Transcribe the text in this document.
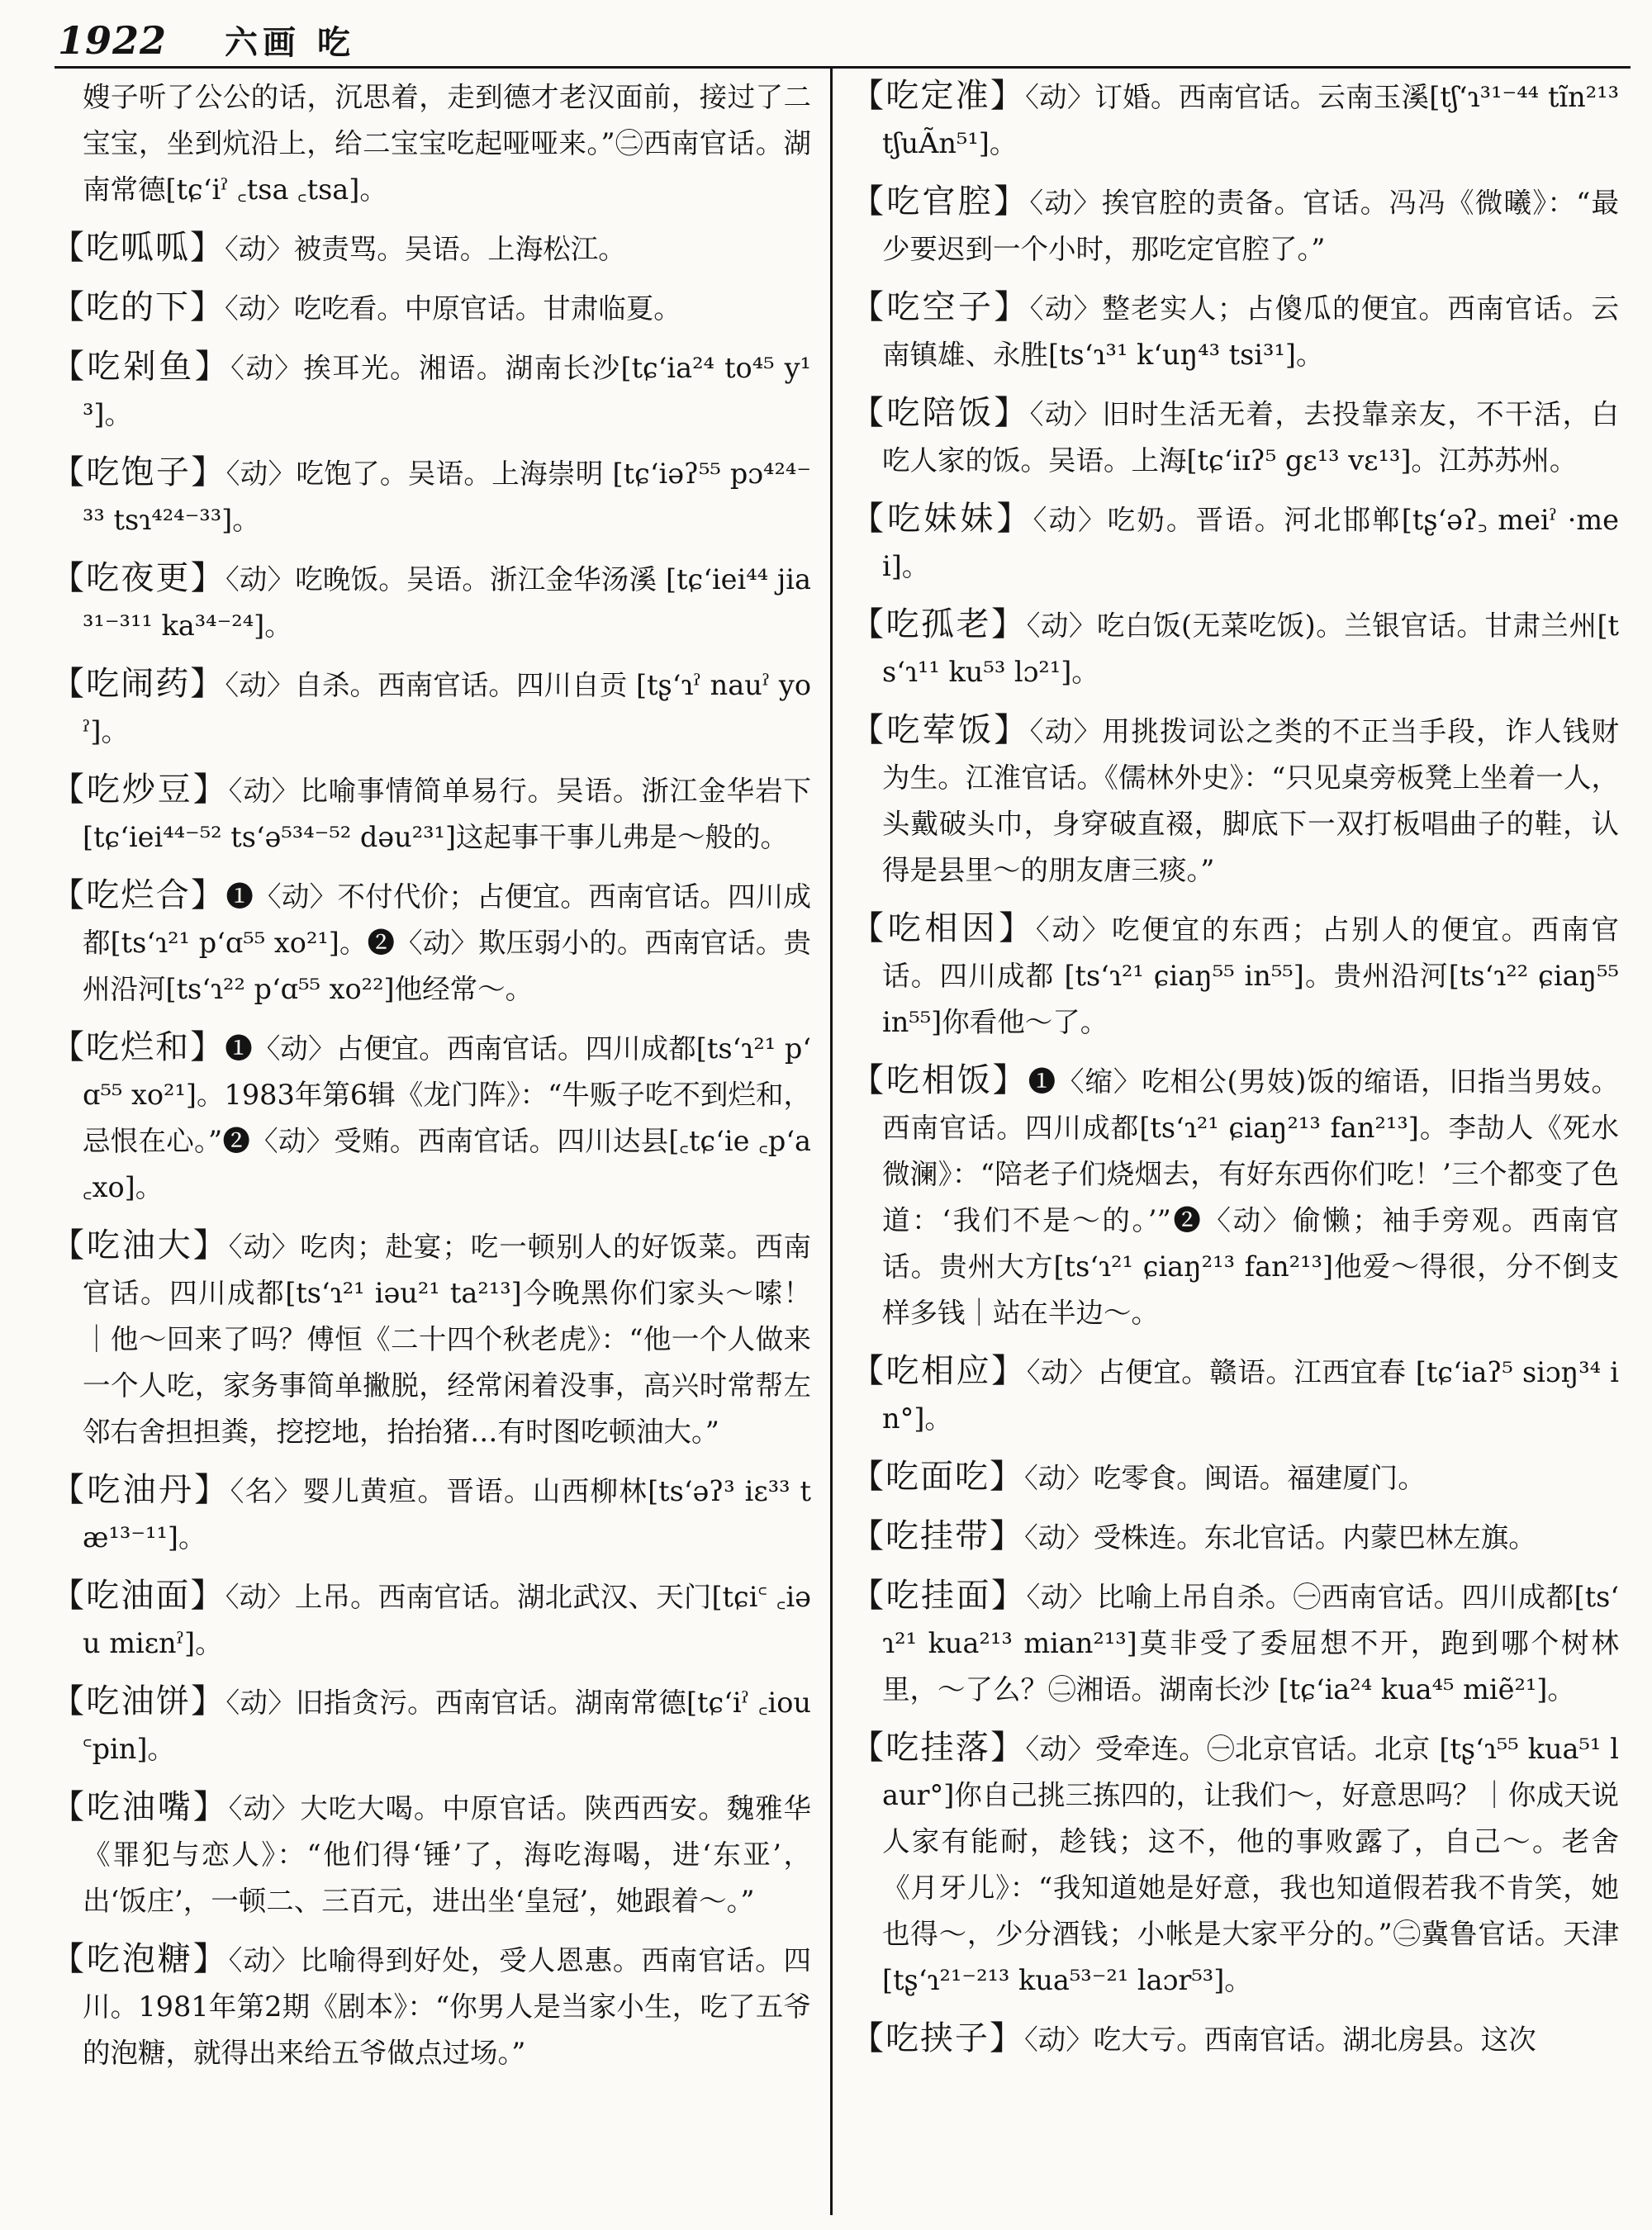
1922 六画 吃

嫂子听了公公的话，沉思着，走到德才老汉面前，接过了二宝宝，坐到炕沿上，给二宝宝吃起哑哑来。”㊁西南官话。湖南常德[tɕʻiˀ ꜀tsa ꜀tsa]。

【吃呱呱】〈动〉被责骂。吴语。上海松江。

【吃的下】〈动〉吃吃看。中原官话。甘肃临夏。

【吃剁鱼】〈动〉挨耳光。湘语。湖南长沙[tɕʻia²⁴ to⁴⁵ y¹³]。

【吃饱子】〈动〉吃饱了。吴语。上海崇明 [tɕʻiəʔ⁵⁵ pɔ⁴²⁴⁻³³ tsɿ⁴²⁴⁻³³]。

【吃夜更】〈动〉吃晚饭。吴语。浙江金华汤溪 [tɕʻiei⁴⁴ jia³¹⁻³¹¹ ka³⁴⁻²⁴]。

【吃闹药】〈动〉自杀。西南官话。四川自贡 [tʂʻɿˀ nauˀ yoˀ]。

【吃炒豆】〈动〉比喻事情简单易行。吴语。浙江金华岩下[tɕʻiei⁴⁴⁻⁵² tsʻə⁵³⁴⁻⁵² dəu²³¹]这起事干事儿弗是～般的。

【吃烂合】❶〈动〉不付代价；占便宜。西南官话。四川成都[tsʻɿ²¹ pʻɑ⁵⁵ xo²¹]。❷〈动〉欺压弱小的。西南官话。贵州沿河[tsʻɿ²² pʻɑ⁵⁵ xo²²]他经常～。

【吃烂和】❶〈动〉占便宜。西南官话。四川成都[tsʻɿ²¹ pʻɑ⁵⁵ xo²¹]。1983年第6辑《龙门阵》：“牛贩子吃不到烂和，忌恨在心。”❷〈动〉受贿。西南官话。四川达县[꜀tɕʻie ꜀pʻa ꜀xo]。

【吃油大】〈动〉吃肉；赴宴；吃一顿别人的好饭菜。西南官话。四川成都[tsʻɿ²¹ iəu²¹ ta²¹³]今晚黑你们家头～嗦！｜他～回来了吗？傅恒《二十四个秋老虎》：“他一个人做来一个人吃，家务事简单撇脱，经常闲着没事，高兴时常帮左邻右舍担担粪，挖挖地，抬抬猪…有时图吃顿油大。”

【吃油丹】〈名〉婴儿黄疸。晋语。山西柳林[tsʻəʔ³ iɛ³³ tæ¹³⁻¹¹]。

【吃油面】〈动〉上吊。西南官话。湖北武汉、天门[tɕi꜂ ꜀iəu miɛnˀ]。

【吃油饼】〈动〉旧指贪污。西南官话。湖南常德[tɕʻiˀ ꜀iou ꜂pin]。

【吃油嘴】〈动〉大吃大喝。中原官话。陕西西安。魏雅华《罪犯与恋人》：“他们得‘锤’了，海吃海喝，进‘东亚’，出‘饭庄’，一顿二、三百元，进出坐‘皇冠’，她跟着～。”

【吃泡糖】〈动〉比喻得到好处，受人恩惠。西南官话。四川。1981年第2期《剧本》：“你男人是当家小生，吃了五爷的泡糖，就得出来给五爷做点过场。”

【吃定准】〈动〉订婚。西南官话。云南玉溪[tʃʻɿ³¹⁻⁴⁴ tĩn²¹³ tʃuÃn⁵¹]。

【吃官腔】〈动〉挨官腔的责备。官话。冯冯《微曦》：“最少要迟到一个小时，那吃定官腔了。”

【吃空子】〈动〉整老实人；占傻瓜的便宜。西南官话。云南镇雄、永胜[tsʻɿ³¹ kʻuŋ⁴³ tsi³¹]。

【吃陪饭】〈动〉旧时生活无着，去投靠亲友，不干活，白吃人家的饭。吴语。上海[tɕʻiɪʔ⁵ gɛ¹³ vɛ¹³]。江苏苏州。

【吃妹妹】〈动〉吃奶。晋语。河北邯郸[tʂʻəʔ꜆ meiˀ ·mei]。

【吃孤老】〈动〉吃白饭(无菜吃饭)。兰银官话。甘肃兰州[tsʻɿ¹¹ ku⁵³ lɔ²¹]。

【吃荤饭】〈动〉用挑拨词讼之类的不正当手段，诈人钱财为生。江淮官话。《儒林外史》：“只见桌旁板凳上坐着一人，头戴破头巾，身穿破直裰，脚底下一双打板唱曲子的鞋，认得是县里～的朋友唐三痰。”

【吃相因】〈动〉吃便宜的东西；占别人的便宜。西南官话。四川成都 [tsʻɿ²¹ ɕiaŋ⁵⁵ in⁵⁵]。贵州沿河[tsʻɿ²² ɕiaŋ⁵⁵ in⁵⁵]你看他～了。

【吃相饭】❶〈缩〉吃相公(男妓)饭的缩语，旧指当男妓。西南官话。四川成都[tsʻɿ²¹ ɕiaŋ²¹³ fan²¹³]。李劼人《死水微澜》：“陪老子们烧烟去，有好东西你们吃！’三个都变了色道：‘我们不是～的。’”❷〈动〉偷懒；袖手旁观。西南官话。贵州大方[tsʻɿ²¹ ɕiaŋ²¹³ fan²¹³]他爱～得很，分不倒支样多钱｜站在半边～。

【吃相应】〈动〉占便宜。赣语。江西宜春 [tɕʻiaʔ⁵ siɔŋ³⁴ in°]。

【吃面吃】〈动〉吃零食。闽语。福建厦门。

【吃挂带】〈动〉受株连。东北官话。内蒙巴林左旗。

【吃挂面】〈动〉比喻上吊自杀。㊀西南官话。四川成都[tsʻɿ²¹ kua²¹³ mian²¹³]莫非受了委屈想不开，跑到哪个树林里，～了么？㊁湘语。湖南长沙 [tɕʻia²⁴ kua⁴⁵ miẽ²¹]。

【吃挂落】〈动〉受牵连。㊀北京官话。北京 [tʂʻɿ⁵⁵ kua⁵¹ laur°]你自己挑三拣四的，让我们～，好意思吗？｜你成天说人家有能耐，趁钱；这不，他的事败露了，自己～。老舍《月牙儿》：“我知道她是好意，我也知道假若我不肯笑，她也得～，少分酒钱；小帐是大家平分的。”㊁冀鲁官话。天津 [tʂʻɿ²¹⁻²¹³ kua⁵³⁻²¹ laɔr⁵³]。

【吃挟子】〈动〉吃大亏。西南官话。湖北房县。这次
